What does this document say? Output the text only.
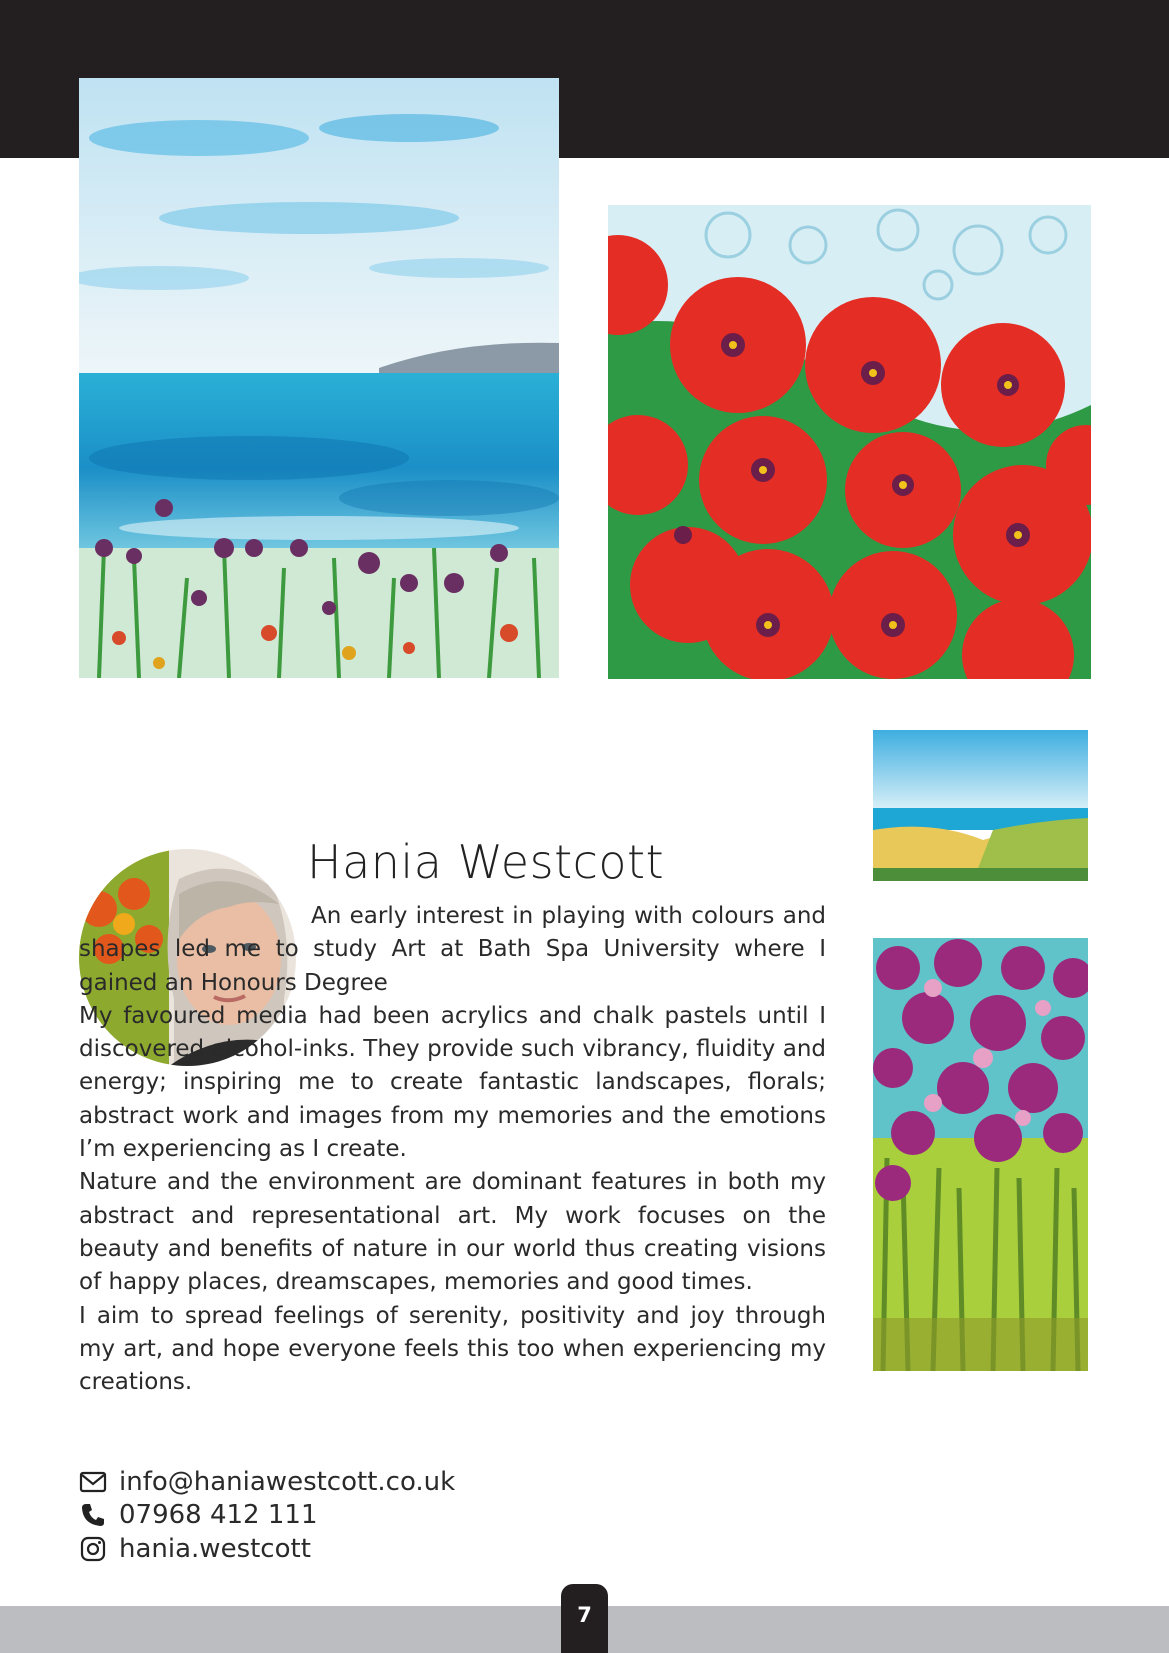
Hania Westcott

An early interest in playing with colours and shapes led me to study Art at Bath Spa University where I gained an Honours Degree

My favoured media had been acrylics and chalk pastels until I discovered alcohol-inks. They provide such vibrancy, fluidity and energy; inspiring me to create fantastic landscapes, florals; abstract work and images from my memories and the emotions I’m experiencing as I create.

Nature and the environment are dominant features in both my abstract and representational art. My work focuses on the beauty and benefits of nature in our world thus creating visions of happy places, dreamscapes, memories and good times.

I aim to spread feelings of serenity, positivity and joy through my art, and hope everyone feels this too when experiencing my creations.

info@haniawestcott.co.uk
07968 412 111
hania.westcott
7
